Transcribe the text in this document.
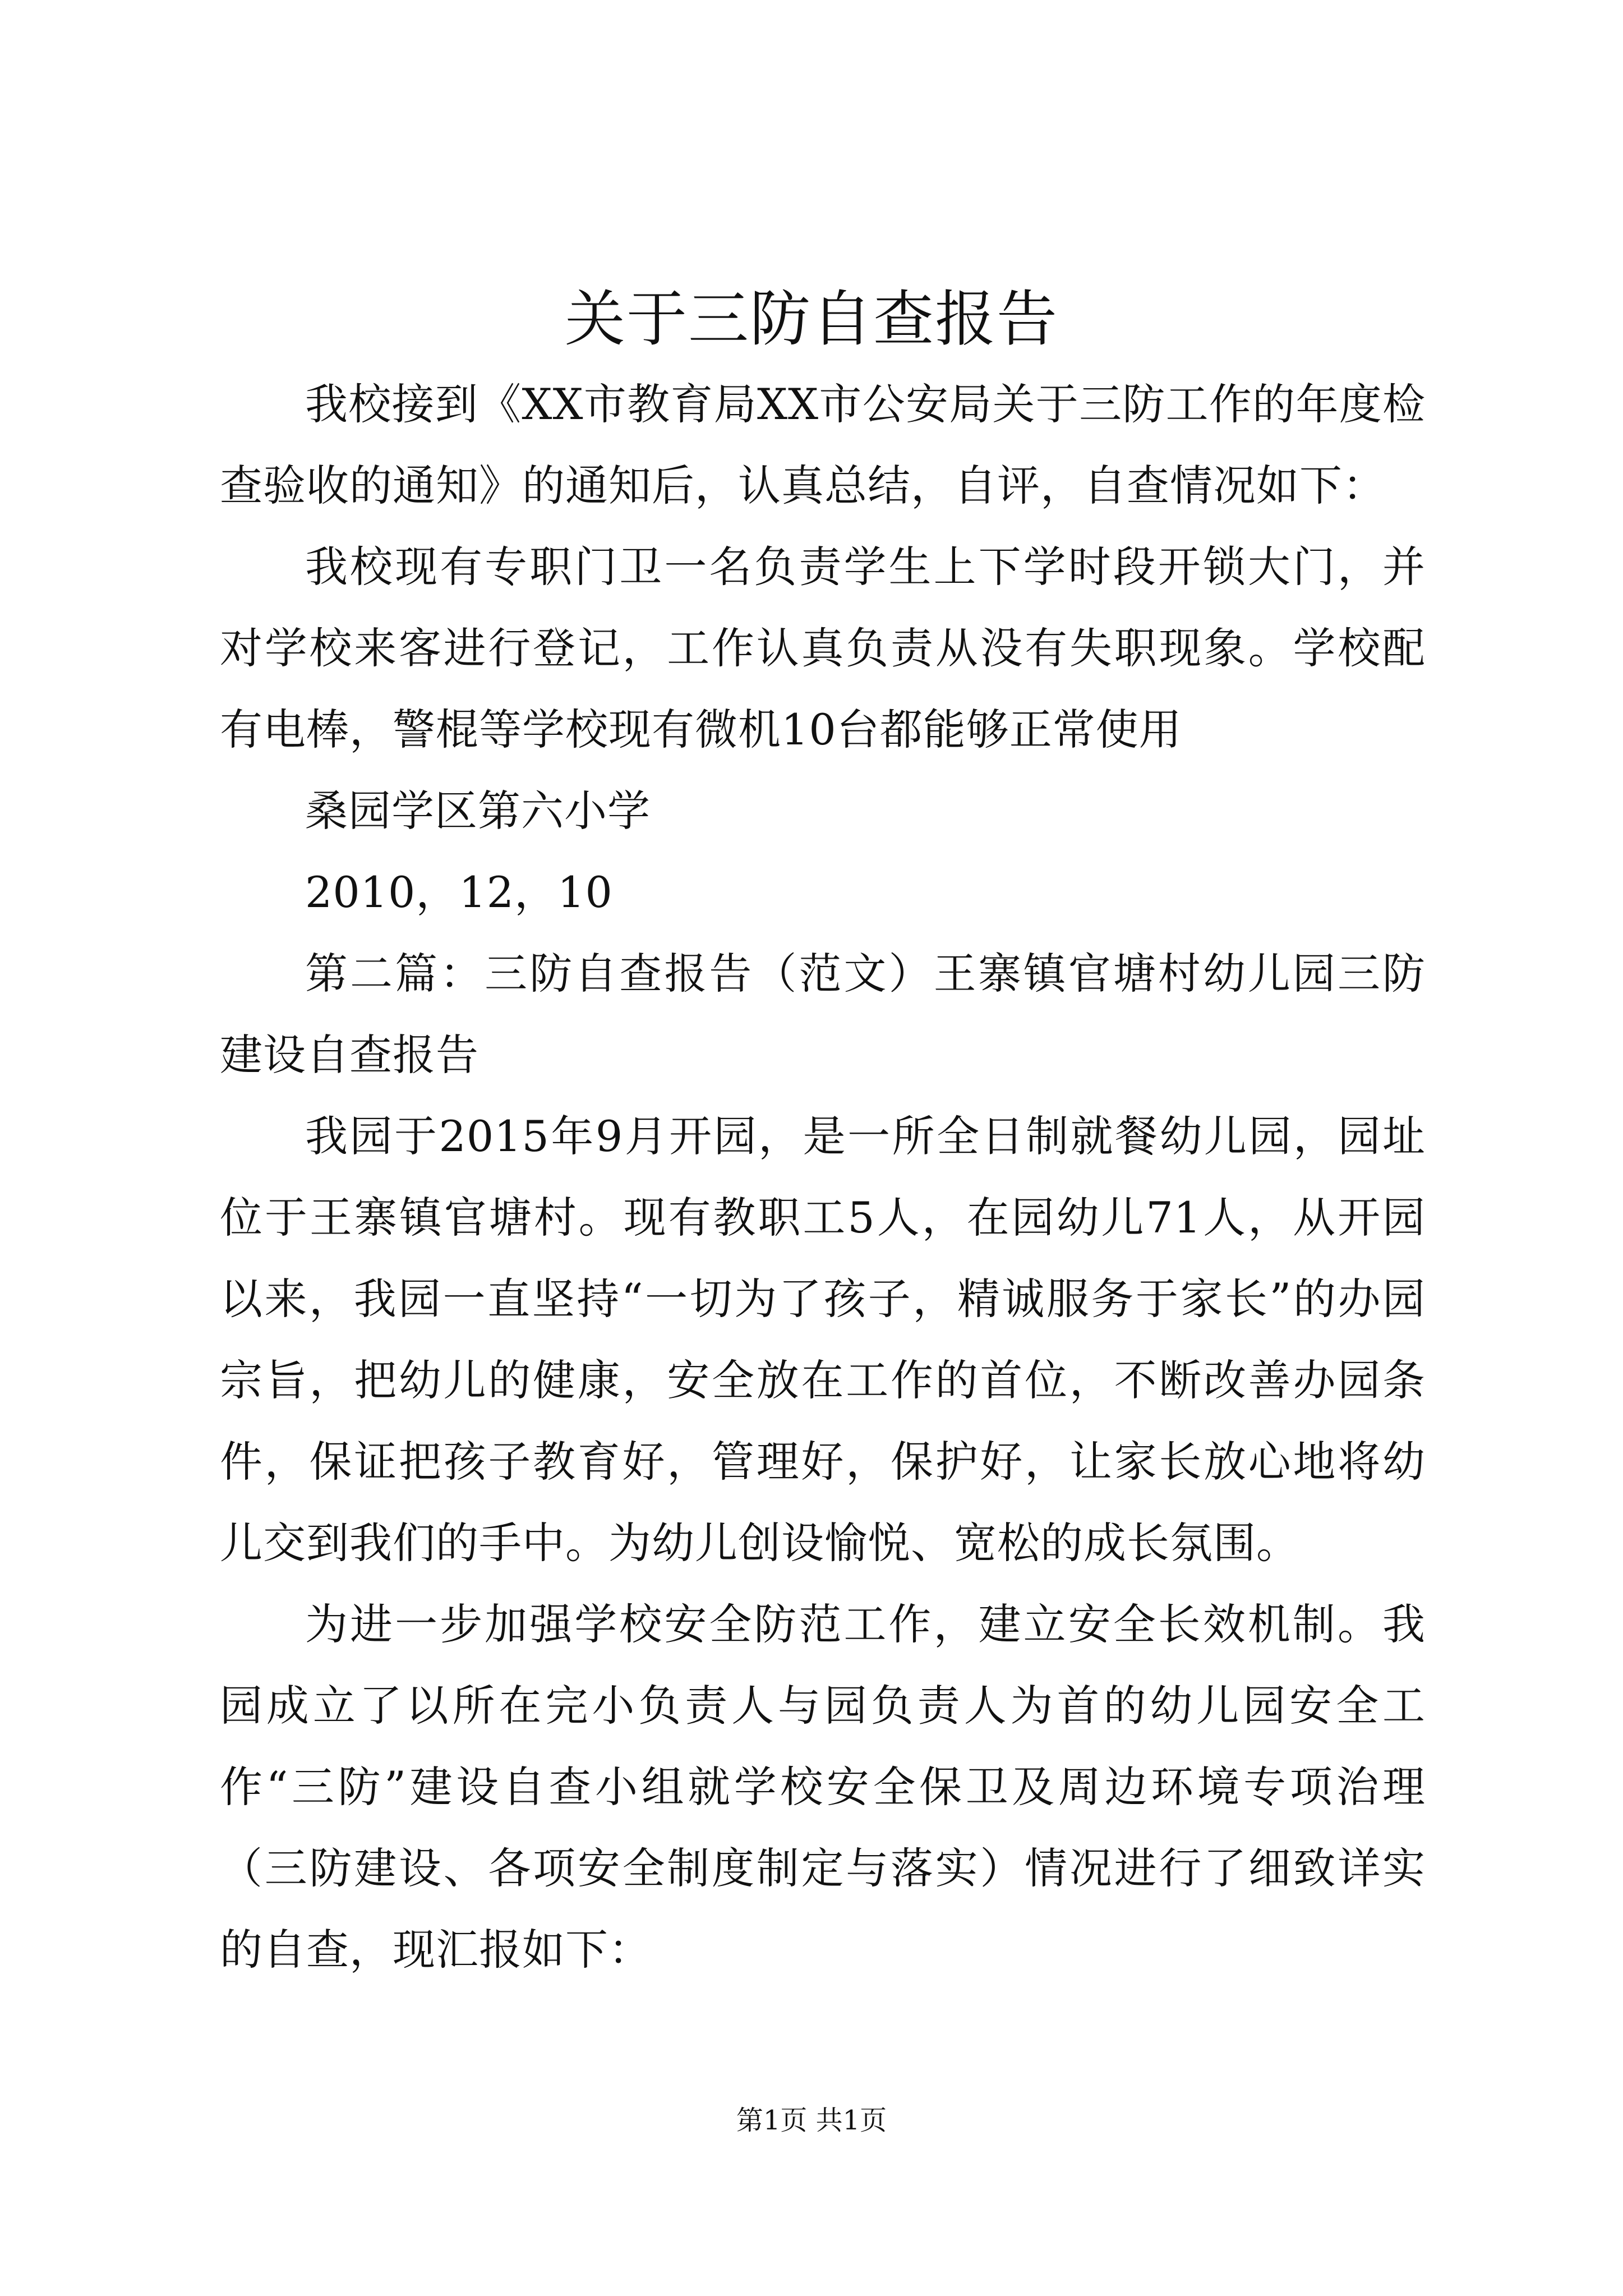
关于三防自查报告

我校接到《XX市教育局XX市公安局关于三防工作的年度检查验收的通知》的通知后，认真总结，自评，自查情况如下：

我校现有专职门卫一名负责学生上下学时段开锁大门，并对学校来客进行登记，工作认真负责从没有失职现象。学校配有电棒，警棍等学校现有微机10台都能够正常使用

桑园学区第六小学

2010，12，10

第二篇：三防自查报告（范文）王寨镇官塘村幼儿园三防建设自查报告

我园于2015年9月开园，是一所全日制就餐幼儿园，园址位于王寨镇官塘村。现有教职工5人，在园幼儿71人，从开园以来，我园一直坚持“一切为了孩子，精诚服务于家长”的办园宗旨，把幼儿的健康，安全放在工作的首位，不断改善办园条件，保证把孩子教育好，管理好，保护好，让家长放心地将幼儿交到我们的手中。为幼儿创设愉悦、宽松的成长氛围。

为进一步加强学校安全防范工作，建立安全长效机制。我园成立了以所在完小负责人与园负责人为首的幼儿园安全工作“三防”建设自查小组就学校安全保卫及周边环境专项治理（三防建设、各项安全制度制定与落实）情况进行了细致详实的自查，现汇报如下：

第1页 共1页
